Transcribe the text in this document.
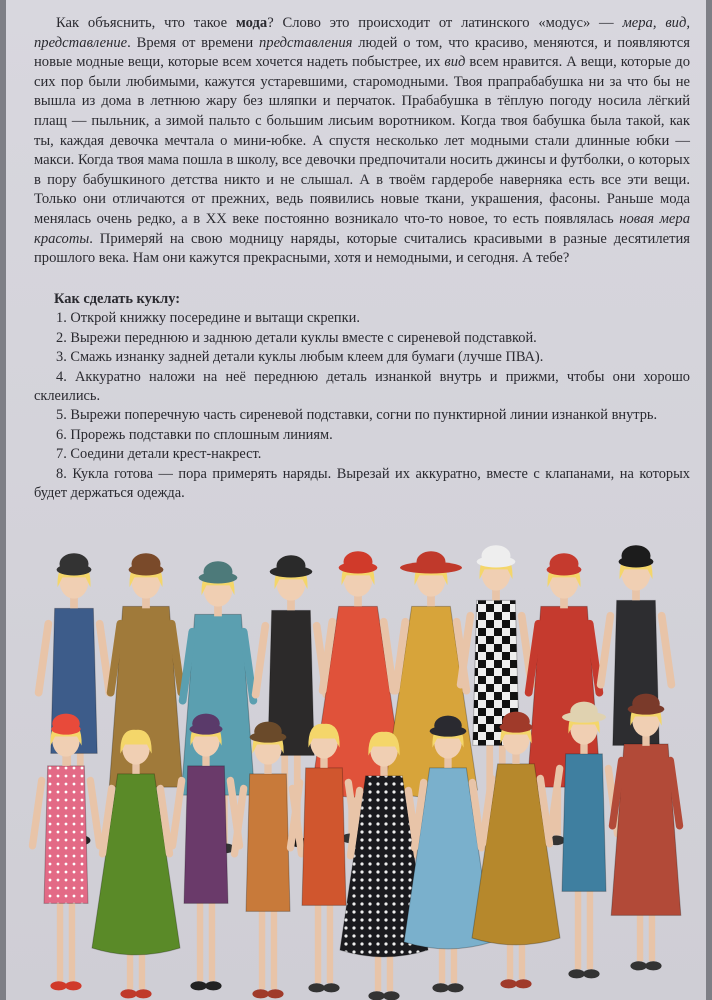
Как объяснить, что такое мода? Слово это происходит от латинского «модус» — мера, вид, представление. Время от времени представления людей о том, что красиво, меняются, и появляются новые модные вещи, которые всем хочется надеть побыстрее, их вид всем нравится. А вещи, которые до сих пор были любимыми, кажутся устаревшими, старомодными. Твоя прапрабабушка ни за что бы не вышла из дома в летнюю жару без шляпки и перчаток. Прабабушка в тёплую погоду носила лёгкий плащ — пыльник, а зимой пальто с большим лисьим воротником. Когда твоя бабушка была такой, как ты, каждая девочка мечтала о мини-юбке. А спустя несколько лет модными стали длинные юбки — макси. Когда твоя мама пошла в школу, все девочки предпочитали носить джинсы и футболки, о которых в пору бабушкиного детства никто и не слышал. А в твоём гардеробе наверняка есть все эти вещи. Только они отличаются от прежних, ведь появились новые ткани, украшения, фасоны. Раньше мода менялась очень редко, а в XX веке постоянно возникало что-то новое, то есть появлялась новая мера красоты. Примеряй на свою модницу наряды, которые считались красивыми в разные десятилетия прошлого века. Нам они кажутся прекрасными, хотя и немодными, и сегодня. А тебе?
Как сделать куклу:
1. Открой книжку посередине и вытащи скрепки.
2. Вырежи переднюю и заднюю детали куклы вместе с сиреневой подставкой.
3. Смажь изнанку задней детали куклы любым клеем для бумаги (лучше ПВА).
4. Аккуратно наложи на неё переднюю деталь изнанкой внутрь и прижми, чтобы они хорошо склеились.
5. Вырежи поперечную часть сиреневой подставки, согни по пунктирной линии изнанкой внутрь.
6. Прорежь подставки по сплошным линиям.
7. Соедини детали крест-накрест.
8. Кукла готова — пора примерять наряды. Вырезай их аккуратно, вместе с клапанами, на которых будет держаться одежда.
